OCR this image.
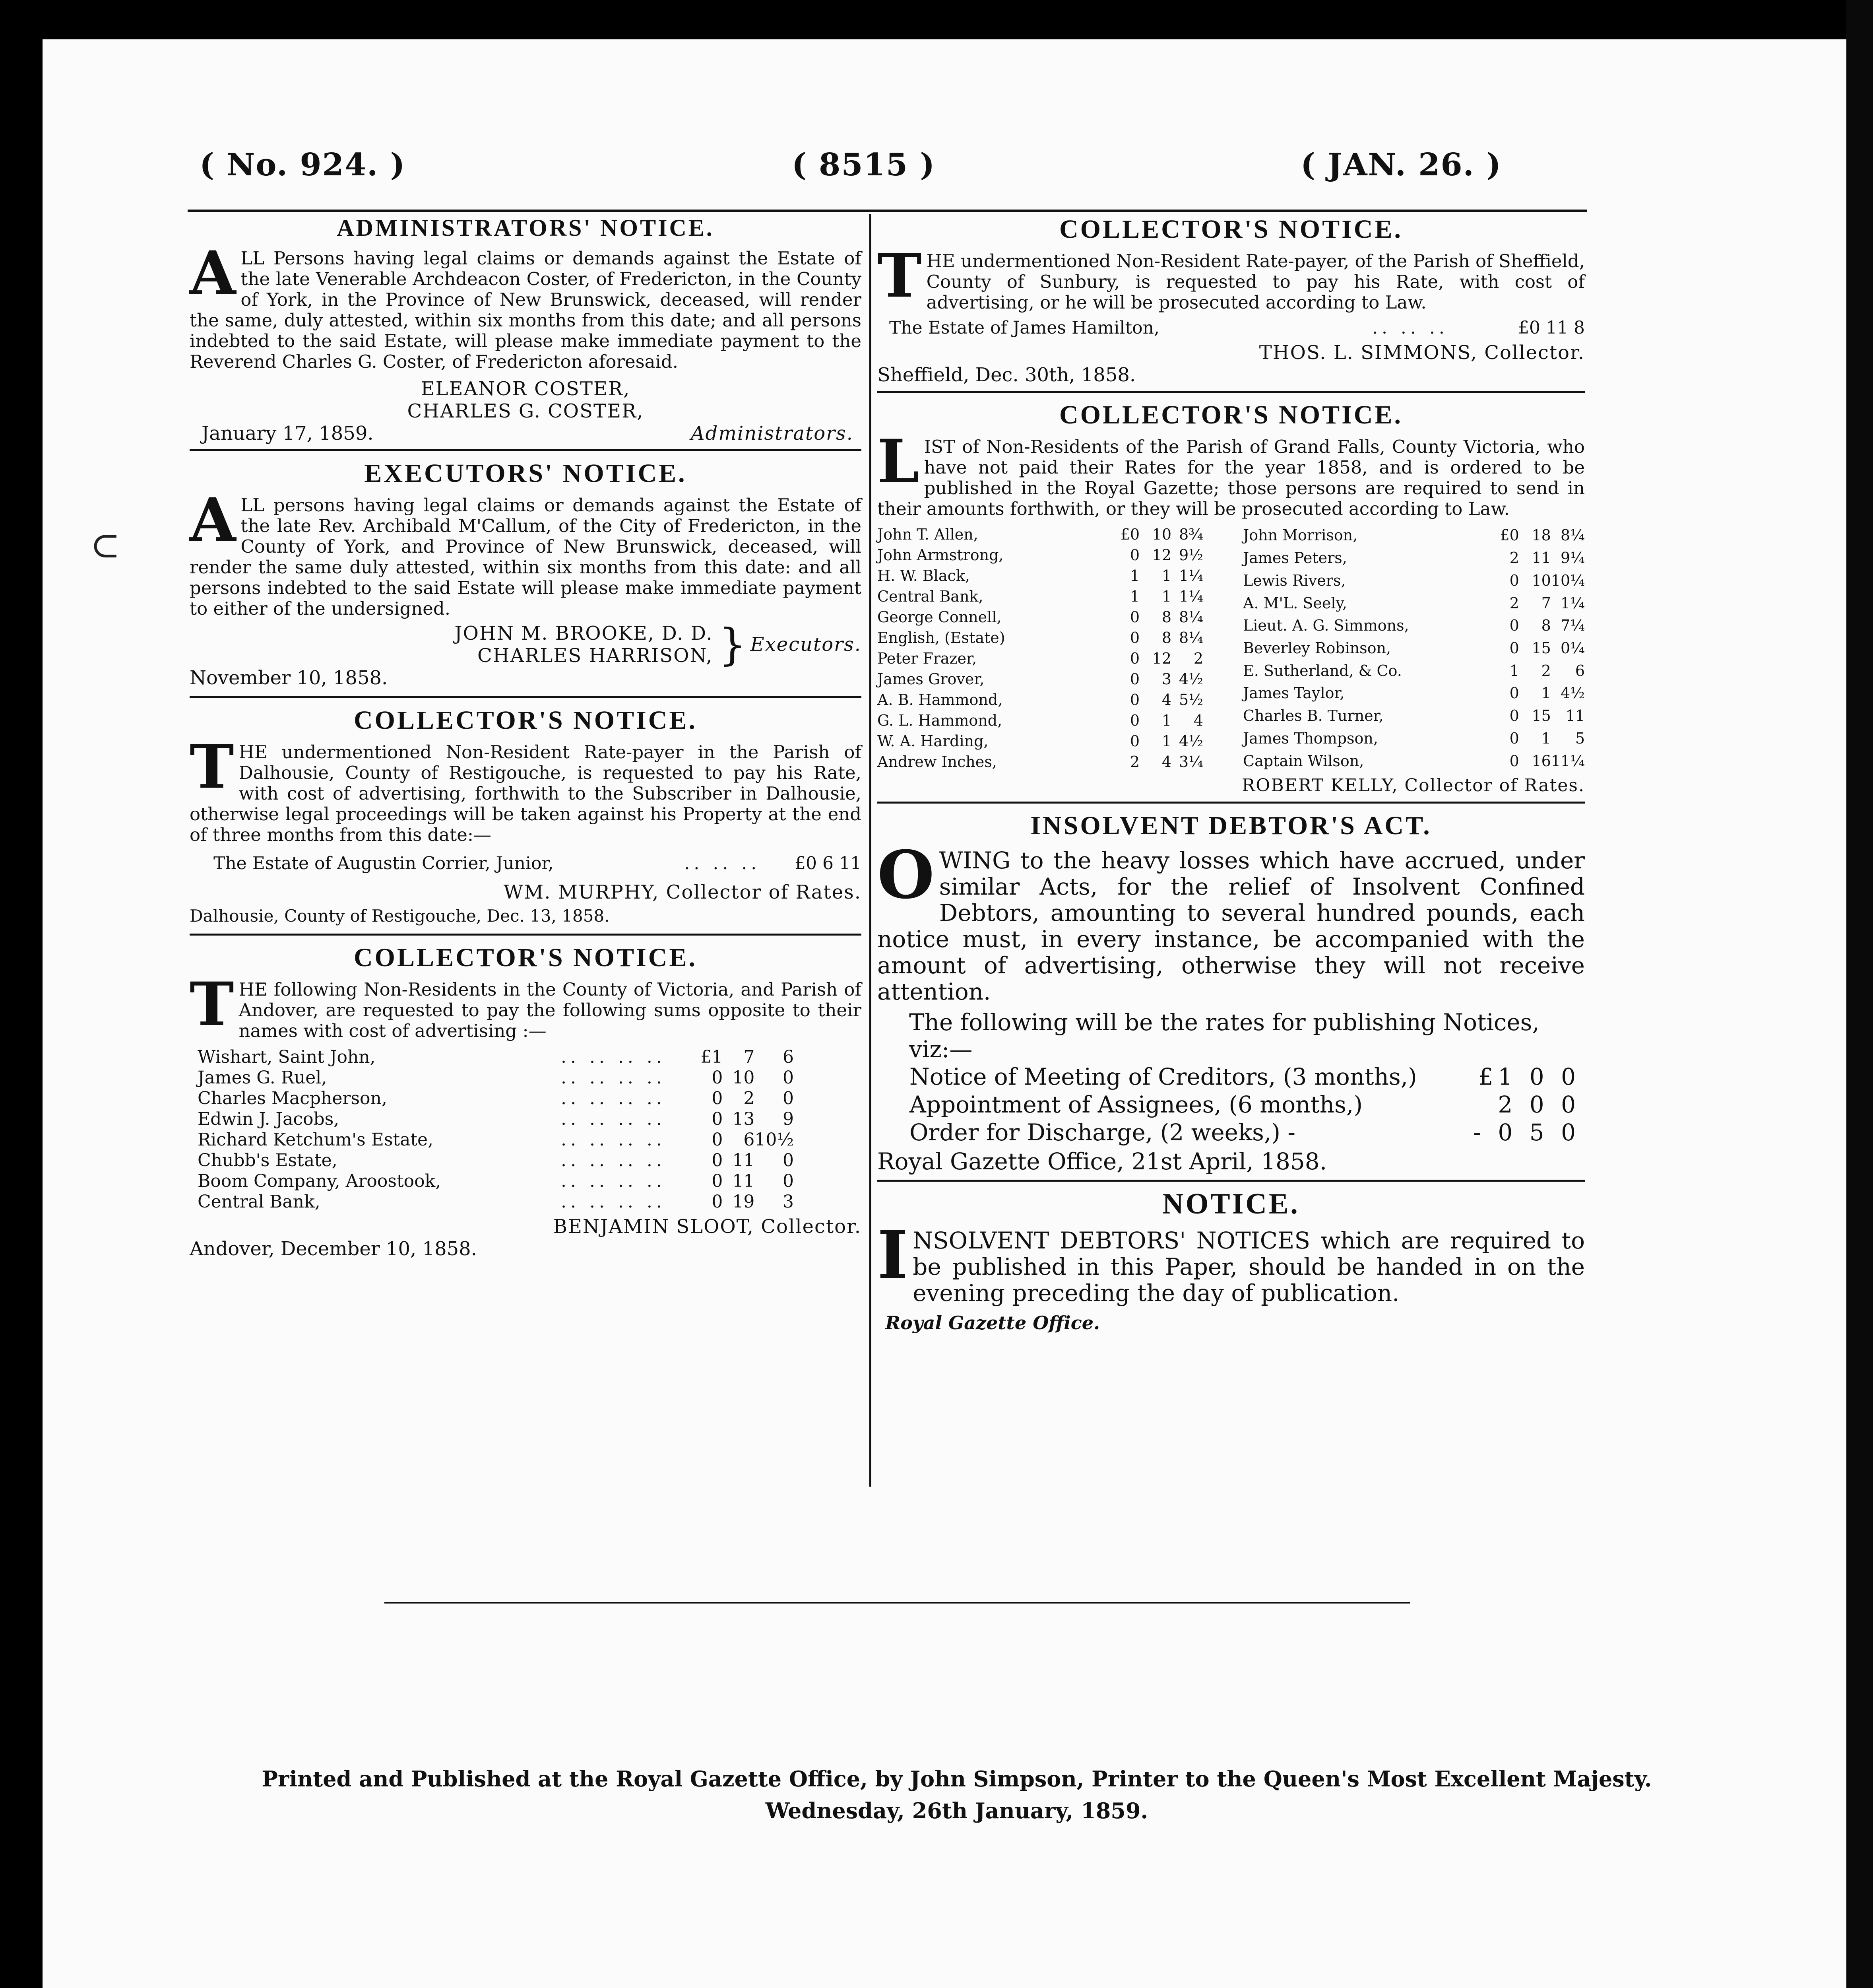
( No. 924. )	( 8515 )	( JAN. 26. )
ADMINISTRATORS' NOTICE.

ALL Persons having legal claims or demands against the Estate of the late Venerable Archdeacon Coster, of Fredericton, in the County of York, in the Province of New Brunswick, deceased, will render the same, duly attested, within six months from this date; and all persons indebted to the said Estate, will please make immediate payment to the Reverend Charles G. Coster, of Fredericton aforesaid.

ELEANOR COSTER,

CHARLES G. COSTER,

January 17, 1859.	Administrators.

EXECUTORS' NOTICE.

ALL persons having legal claims or demands against the Estate of the late Rev. Archibald M'Callum, of the City of Fredericton, in the County of York, and Province of New Brunswick, deceased, will render the same duly attested, within six months from this date: and all persons indebted to the said Estate will please make immediate payment to either of the undersigned.

JOHN M. BROOKE, D. D.

CHARLES HARRISON, } Executors.

November 10, 1858.

COLLECTOR'S NOTICE.

THE undermentioned Non-Resident Rate-payer in the Parish of Dalhousie, County of Restigouche, is requested to pay his Rate, with cost of advertising, forthwith to the Subscriber in Dalhousie, otherwise legal proceedings will be taken against his Property at the end of three months from this date:—

The Estate of Augustin Corrier, Junior,	.. .. ..	£0 6 11

WM. MURPHY, Collector of Rates.

Dalhousie, County of Restigouche, Dec. 13, 1858.

COLLECTOR'S NOTICE.

THE following Non-Residents in the County of Victoria, and Parish of Andover, are requested to pay the following sums opposite to their names with cost of advertising :—

Wishart, Saint John,	.. .. .. ..	£1	7	6
James G. Ruel,	.. .. .. ..	0	10	0
Charles Macpherson,	.. .. .. ..	0	2	0
Edwin J. Jacobs,	.. .. .. ..	0	13	9
Richard Ketchum's Estate,	.. .. .. ..	0	6	10½
Chubb's Estate,	.. .. .. ..	0	11	0
Boom Company, Aroostook,	.. .. .. ..	0	11	0
Central Bank,	.. .. .. ..	0	19	3

BENJAMIN SLOOT, Collector.

Andover, December 10, 1858.

COLLECTOR'S NOTICE.

THE undermentioned Non-Resident Rate-payer, of the Parish of Sheffield, County of Sunbury, is requested to pay his Rate, with cost of advertising, or he will be prosecuted according to Law.

The Estate of James Hamilton,	.. .. ..	£0 11 8

THOS. L. SIMMONS, Collector.

Sheffield, Dec. 30th, 1858.

COLLECTOR'S NOTICE.

LIST of Non-Residents of the Parish of Grand Falls, County Victoria, who have not paid their Rates for the year 1858, and is ordered to be published in the Royal Gazette; those persons are required to send in their amounts forthwith, or they will be prosecuted according to Law.

John T. Allen,	£0	10	8¾
John Armstrong,	0	12	9½
H. W. Black,	1	1	1¼
Central Bank,	1	1	1¼
George Connell,	0	8	8¼
English, (Estate)	0	8	8¼
Peter Frazer,	0	12	2
James Grover,	0	3	4½
A. B. Hammond,	0	4	5½
G. L. Hammond,	0	1	4
W. A. Harding,	0	1	4½
Andrew Inches,	2	4	3¼
John Morrison,	£0	18	8¼
James Peters,	2	11	9¼
Lewis Rivers,	0	10	10¼
A. M'L. Seely,	2	7	1¼
Lieut. A. G. Simmons,	0	8	7¼
Beverley Robinson,	0	15	0¼
E. Sutherland, & Co.	1	2	6
James Taylor,	0	1	4½
Charles B. Turner,	0	15	11
James Thompson,	0	1	5
Captain Wilson,	0	16	11¼

ROBERT KELLY, Collector of Rates.

INSOLVENT DEBTOR'S ACT.

OWING to the heavy losses which have accrued, under similar Acts, for the relief of Insolvent Confined Debtors, amounting to several hundred pounds, each notice must, in every instance, be accompanied with the amount of advertising, otherwise they will not receive attention.

The following will be the rates for publishing Notices, viz:—

Notice of Meeting of Creditors, (3 months,)	£1 0 0
Appointment of Assignees, (6 months,)	2 0 0
Order for Discharge, (2 weeks,) -	- 0 5 0

Royal Gazette Office, 21st April, 1858.

NOTICE.

INSOLVENT DEBTORS' NOTICES which are required to be published in this Paper, should be handed in on the evening preceding the day of publication.

Royal Gazette Office.

Printed and Published at the Royal Gazette Office, by John Simpson, Printer to the Queen's Most Excellent Majesty.
Wednesday, 26th January, 1859.
⊂
